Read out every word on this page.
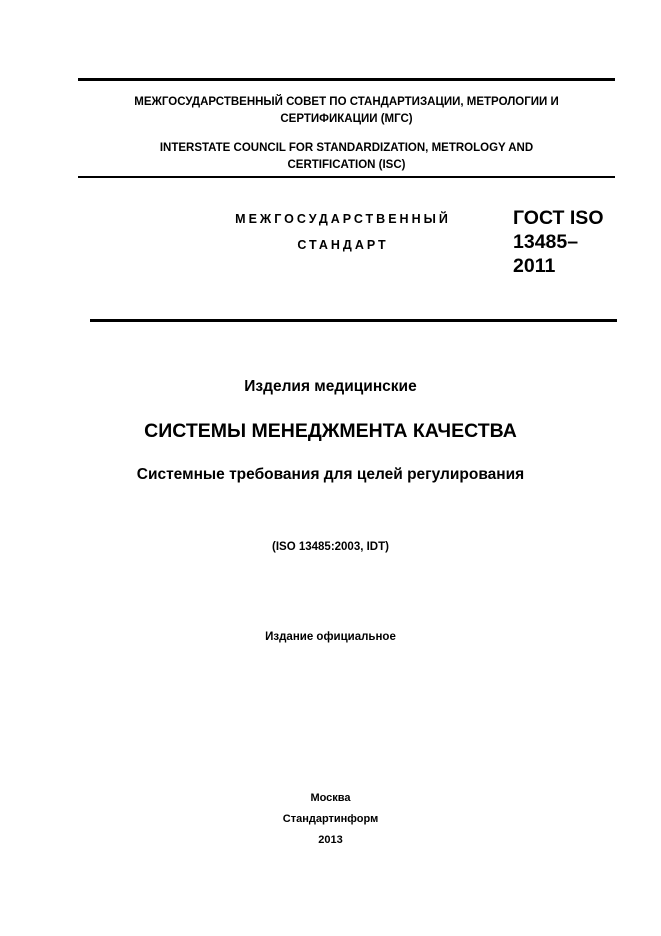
МЕЖГОСУДАРСТВЕННЫЙ СОВЕТ ПО СТАНДАРТИЗАЦИИ, МЕТРОЛОГИИ И
СЕРТИФИКАЦИИ (МГС)
INTERSTATE COUNCIL FOR STANDARDIZATION, METROLOGY AND
CERTIFICATION (ISC)
МЕЖГОСУДАРСТВЕННЫЙ
СТАНДАРТ
ГОСТ ISO
13485–
2011
Изделия медицинские
СИСТЕМЫ МЕНЕДЖМЕНТА КАЧЕСТВА
Системные требования для целей регулирования
(ISO 13485:2003, IDT)
Издание официальное
Москва
Стандартинформ
2013
